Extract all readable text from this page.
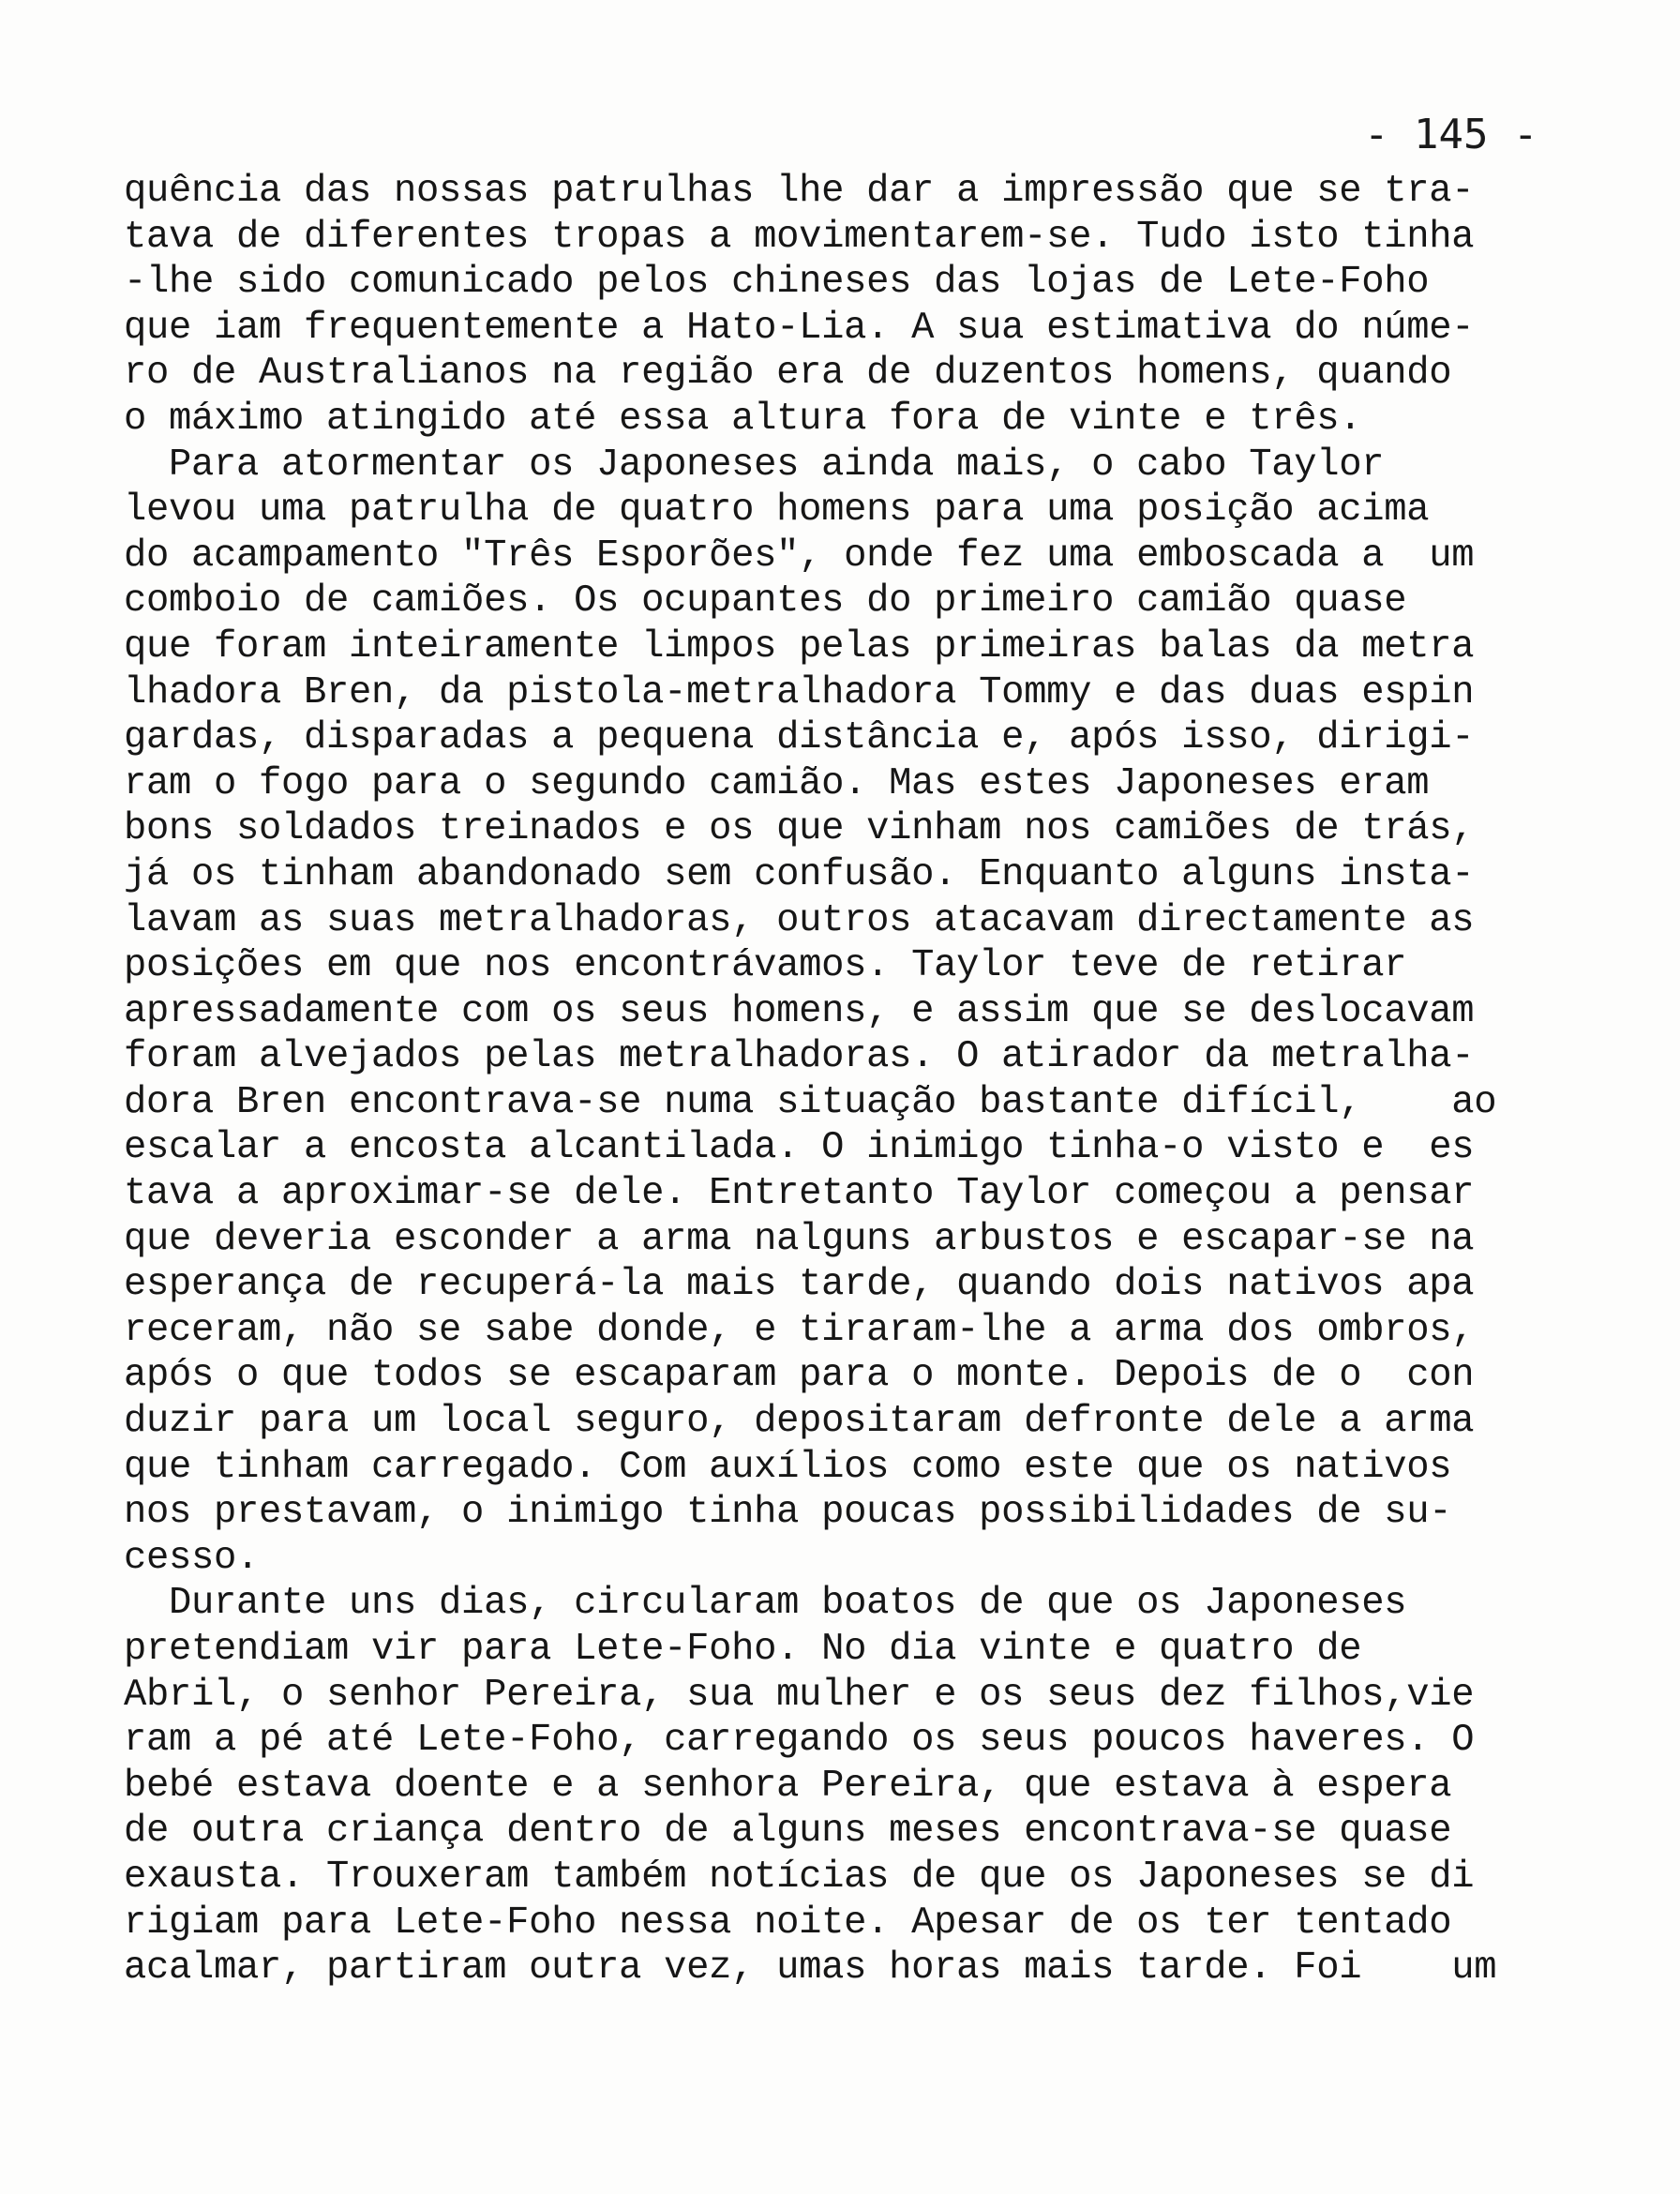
- 145 -
quência das nossas patrulhas lhe dar a impressão que se tra-
tava de diferentes tropas a movimentarem-se. Tudo isto tinha
-lhe sido comunicado pelos chineses das lojas de Lete-Foho
que iam frequentemente a Hato-Lia. A sua estimativa do núme-
ro de Australianos na região era de duzentos homens, quando
o máximo atingido até essa altura fora de vinte e três.
Para atormentar os Japoneses ainda mais, o cabo Taylor
levou uma patrulha de quatro homens para uma posição acima
do acampamento "Três Esporões", onde fez uma emboscada a  um
comboio de camiões. Os ocupantes do primeiro camião quase
que foram inteiramente limpos pelas primeiras balas da metra
lhadora Bren, da pistola-metralhadora Tommy e das duas espin
gardas, disparadas a pequena distância e, após isso, dirigi-
ram o fogo para o segundo camião. Mas estes Japoneses eram
bons soldados treinados e os que vinham nos camiões de trás,
já os tinham abandonado sem confusão. Enquanto alguns insta-
lavam as suas metralhadoras, outros atacavam directamente as
posições em que nos encontrávamos. Taylor teve de retirar
apressadamente com os seus homens, e assim que se deslocavam
foram alvejados pelas metralhadoras. O atirador da metralha-
dora Bren encontrava-se numa situação bastante difícil,    ao
escalar a encosta alcantilada. O inimigo tinha-o visto e  es
tava a aproximar-se dele. Entretanto Taylor começou a pensar
que deveria esconder a arma nalguns arbustos e escapar-se na
esperança de recuperá-la mais tarde, quando dois nativos apa
receram, não se sabe donde, e tiraram-lhe a arma dos ombros,
após o que todos se escaparam para o monte. Depois de o  con
duzir para um local seguro, depositaram defronte dele a arma
que tinham carregado. Com auxílios como este que os nativos
nos prestavam, o inimigo tinha poucas possibilidades de su-
cesso.
Durante uns dias, circularam boatos de que os Japoneses
pretendiam vir para Lete-Foho. No dia vinte e quatro de
Abril, o senhor Pereira, sua mulher e os seus dez filhos,vie
ram a pé até Lete-Foho, carregando os seus poucos haveres. O
bebé estava doente e a senhora Pereira, que estava à espera
de outra criança dentro de alguns meses encontrava-se quase
exausta. Trouxeram também notícias de que os Japoneses se di
rigiam para Lete-Foho nessa noite. Apesar de os ter tentado
acalmar, partiram outra vez, umas horas mais tarde. Foi    um
